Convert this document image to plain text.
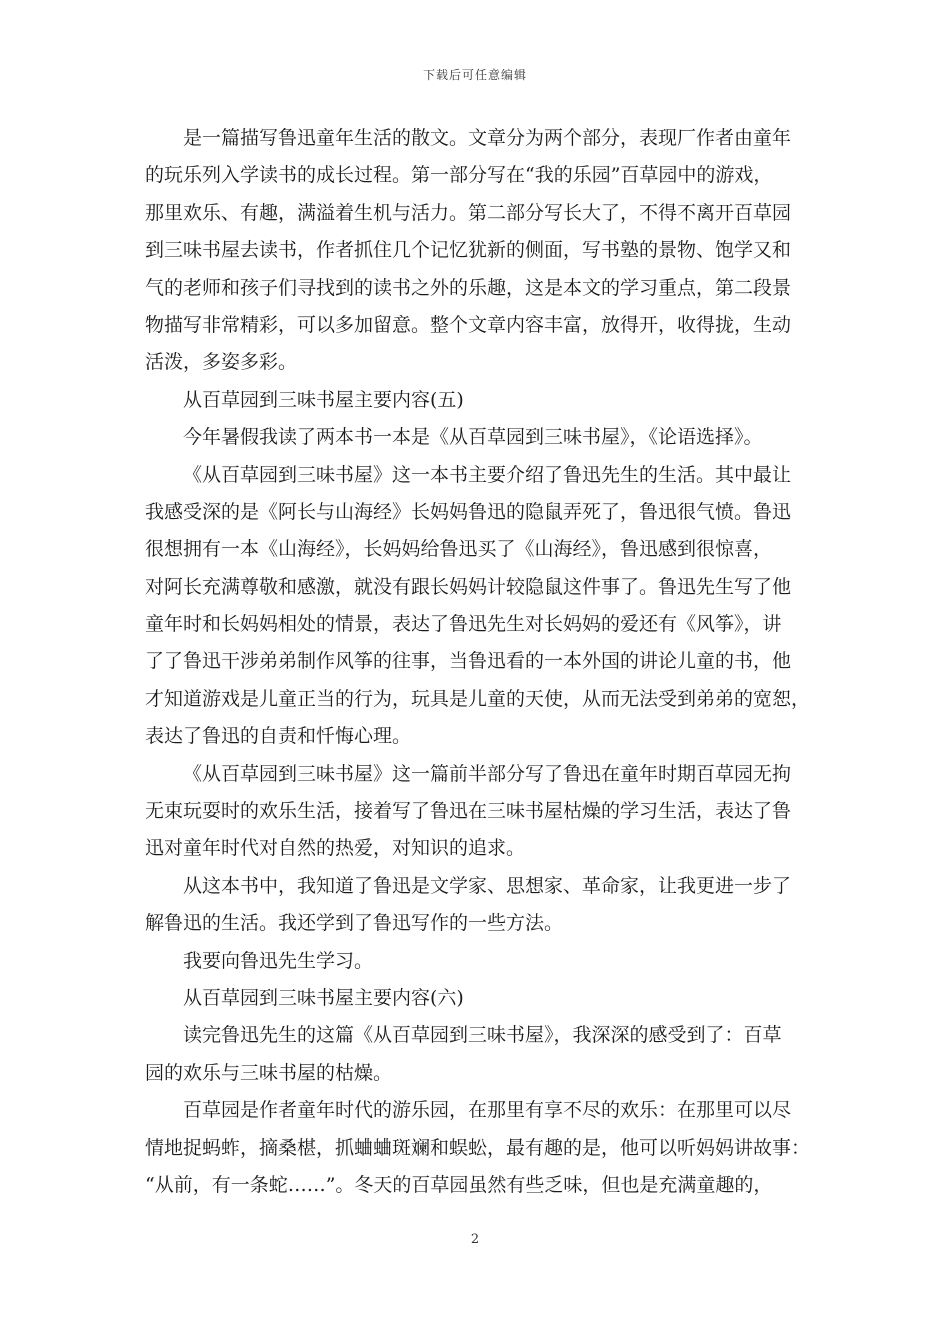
下载后可任意编辑
是一篇描写鲁迅童年生活的散文。文章分为两个部分，表现厂作者由童年
的玩乐列入学读书的成长过程。第一部分写在“我的乐园”百草园中的游戏，
那里欢乐、有趣，满溢着生机与活力。第二部分写长大了，不得不离开百草园
到三味书屋去读书，作者抓住几个记忆犹新的侧面，写书塾的景物、饱学又和
气的老师和孩子们寻找到的读书之外的乐趣，这是本文的学习重点，第二段景
物描写非常精彩，可以多加留意。整个文章内容丰富，放得开，收得拢，生动
活泼，多姿多彩。
从百草园到三味书屋主要内容(五)
今年暑假我读了两本书一本是《从百草园到三味书屋》，《论语选择》。
《从百草园到三味书屋》这一本书主要介绍了鲁迅先生的生活。其中最让
我感受深的是《阿长与山海经》长妈妈鲁迅的隐鼠弄死了，鲁迅很气愤。鲁迅
很想拥有一本《山海经》，长妈妈给鲁迅买了《山海经》，鲁迅感到很惊喜，
对阿长充满尊敬和感激，就没有跟长妈妈计较隐鼠这件事了。鲁迅先生写了他
童年时和长妈妈相处的情景，表达了鲁迅先生对长妈妈的爱还有《风筝》，讲
了了鲁迅干涉弟弟制作风筝的往事，当鲁迅看的一本外国的讲论儿童的书，他
才知道游戏是儿童正当的行为，玩具是儿童的天使，从而无法受到弟弟的宽恕，
表达了鲁迅的自责和忏悔心理。
《从百草园到三味书屋》这一篇前半部分写了鲁迅在童年时期百草园无拘
无束玩耍时的欢乐生活，接着写了鲁迅在三味书屋枯燥的学习生活，表达了鲁
迅对童年时代对自然的热爱，对知识的追求。
从这本书中，我知道了鲁迅是文学家、思想家、革命家，让我更进一步了
解鲁迅的生活。我还学到了鲁迅写作的一些方法。
我要向鲁迅先生学习。
从百草园到三味书屋主要内容(六)
读完鲁迅先生的这篇《从百草园到三味书屋》，我深深的感受到了：百草
园的欢乐与三味书屋的枯燥。
百草园是作者童年时代的游乐园，在那里有享不尽的欢乐：在那里可以尽
情地捉蚂蚱，摘桑椹，抓蛐蛐斑斓和蜈蚣，最有趣的是，他可以听妈妈讲故事：
“从前，有一条蛇……”。冬天的百草园虽然有些乏味，但也是充满童趣的，
2
